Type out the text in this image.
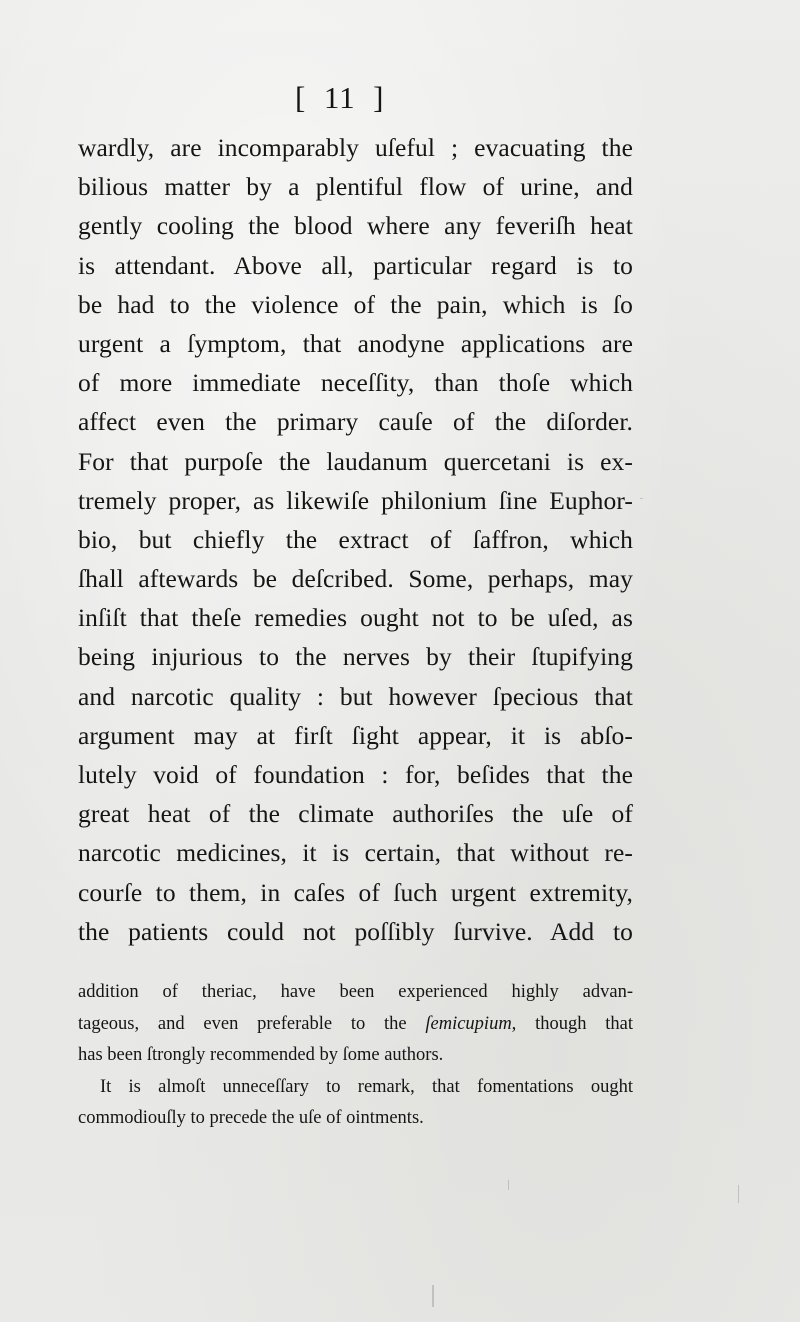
[  11  ]
wardly, are incomparably uſeful ; evacuating the
bilious matter by a plentiful flow of urine, and
gently cooling the blood where any feveriſh heat
is attendant. Above all, particular regard is to
be had to the violence of the pain, which is ſo
urgent a ſymptom, that anodyne applications are
of more immediate neceſſity, than thoſe which
affect even the primary cauſe of the diſorder.
For that purpoſe the laudanum quercetani is ex-
tremely proper, as likewiſe philonium ſine Euphor-
bio, but chiefly the extract of ſaffron, which
ſhall aftewards be deſcribed. Some, perhaps, may
inſiſt that theſe remedies ought not to be uſed, as
being injurious to the nerves by their ſtupifying
and narcotic quality : but however ſpecious that
argument may at firſt ſight appear, it is abſo-
lutely void of foundation : for, beſides that the
great heat of the climate authoriſes the uſe of
narcotic medicines, it is certain, that without re-
courſe to them, in caſes of ſuch urgent extremity,
the patients could not poſſibly ſurvive. Add to
addition of theriac, have been experienced highly advan-
tageous, and even preferable to the ſemicupium, though that
has been ſtrongly recommended by ſome authors.
It is almoſt unneceſſary to remark, that fomentations ought
commodiouſly to precede the uſe of ointments.
